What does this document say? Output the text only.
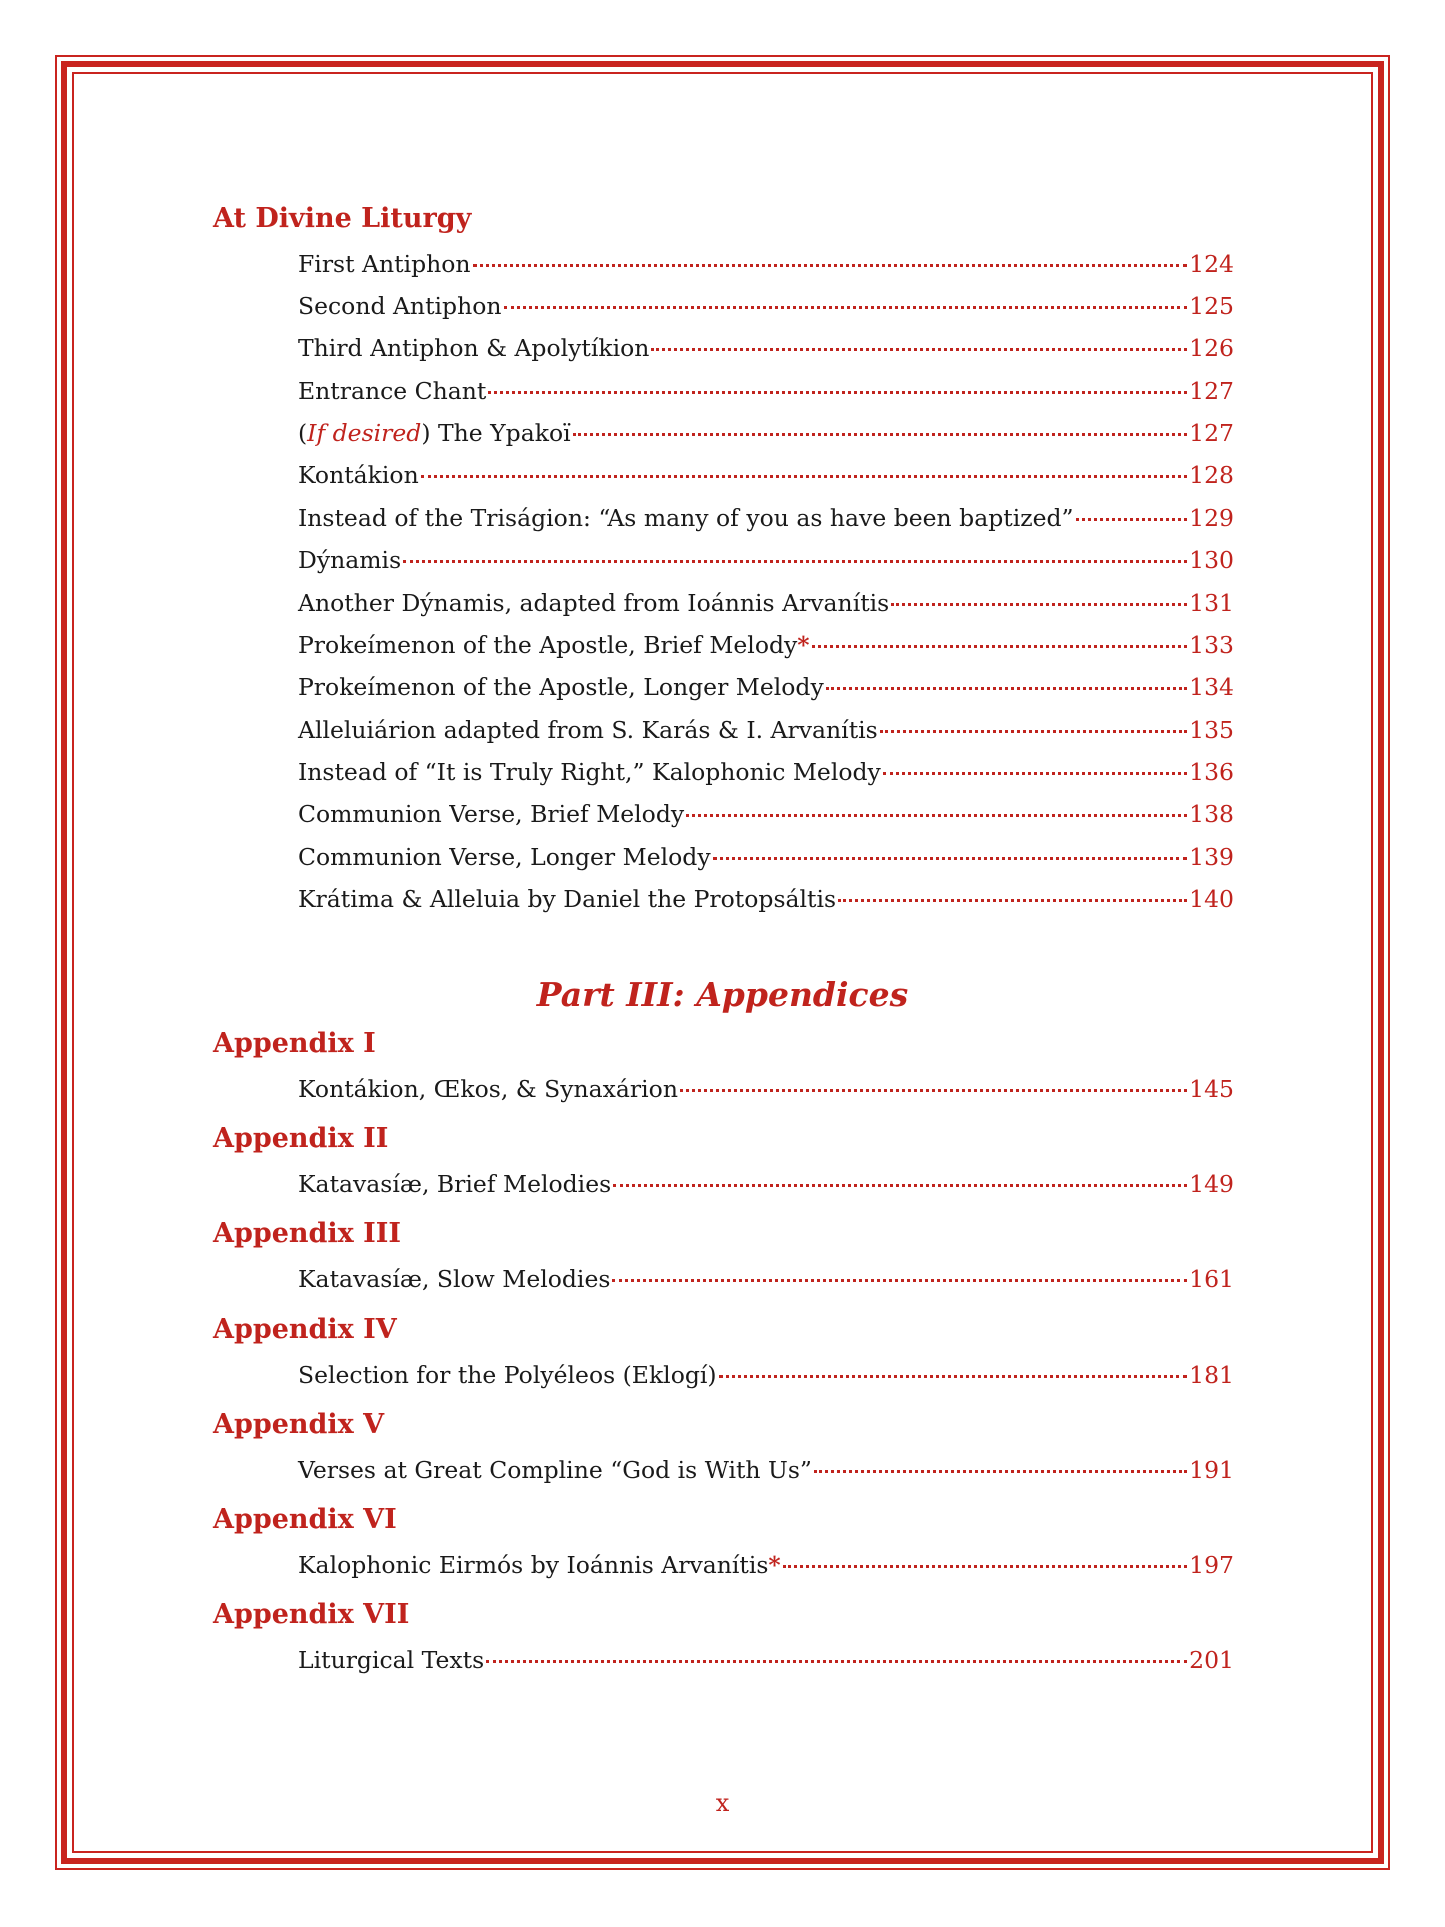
At Divine Liturgy
First Antiphon	124
Second Antiphon	125
Third Antiphon & Apolytíkion	126
Entrance Chant	127
(If desired) The Ypakoï	127
Kontákion	128
Instead of the Triságion: “As many of you as have been baptized”	129
Dýnamis	130
Another Dýnamis, adapted from Ioánnis Arvanítis	131
Prokeímenon of the Apostle, Brief Melody*	133
Prokeímenon of the Apostle, Longer Melody	134
Alleluiárion adapted from S. Karás & I. Arvanítis	135
Instead of “It is Truly Right,” Kalophonic Melody	136
Communion Verse, Brief Melody	138
Communion Verse, Longer Melody	139
Krátima & Alleluia by Daniel the Protopsáltis	140
Part III: Appendices
Appendix I
Kontákion, Œkos, & Synaxárion	145
Appendix II
Katavasíæ, Brief Melodies	149
Appendix III
Katavasíæ, Slow Melodies	161
Appendix IV
Selection for the Polyéleos (Eklogí)	181
Appendix V
Verses at Great Compline “God is With Us”	191
Appendix VI
Kalophonic Eirmós by Ioánnis Arvanítis*	197
Appendix VII
Liturgical Texts	201
x
